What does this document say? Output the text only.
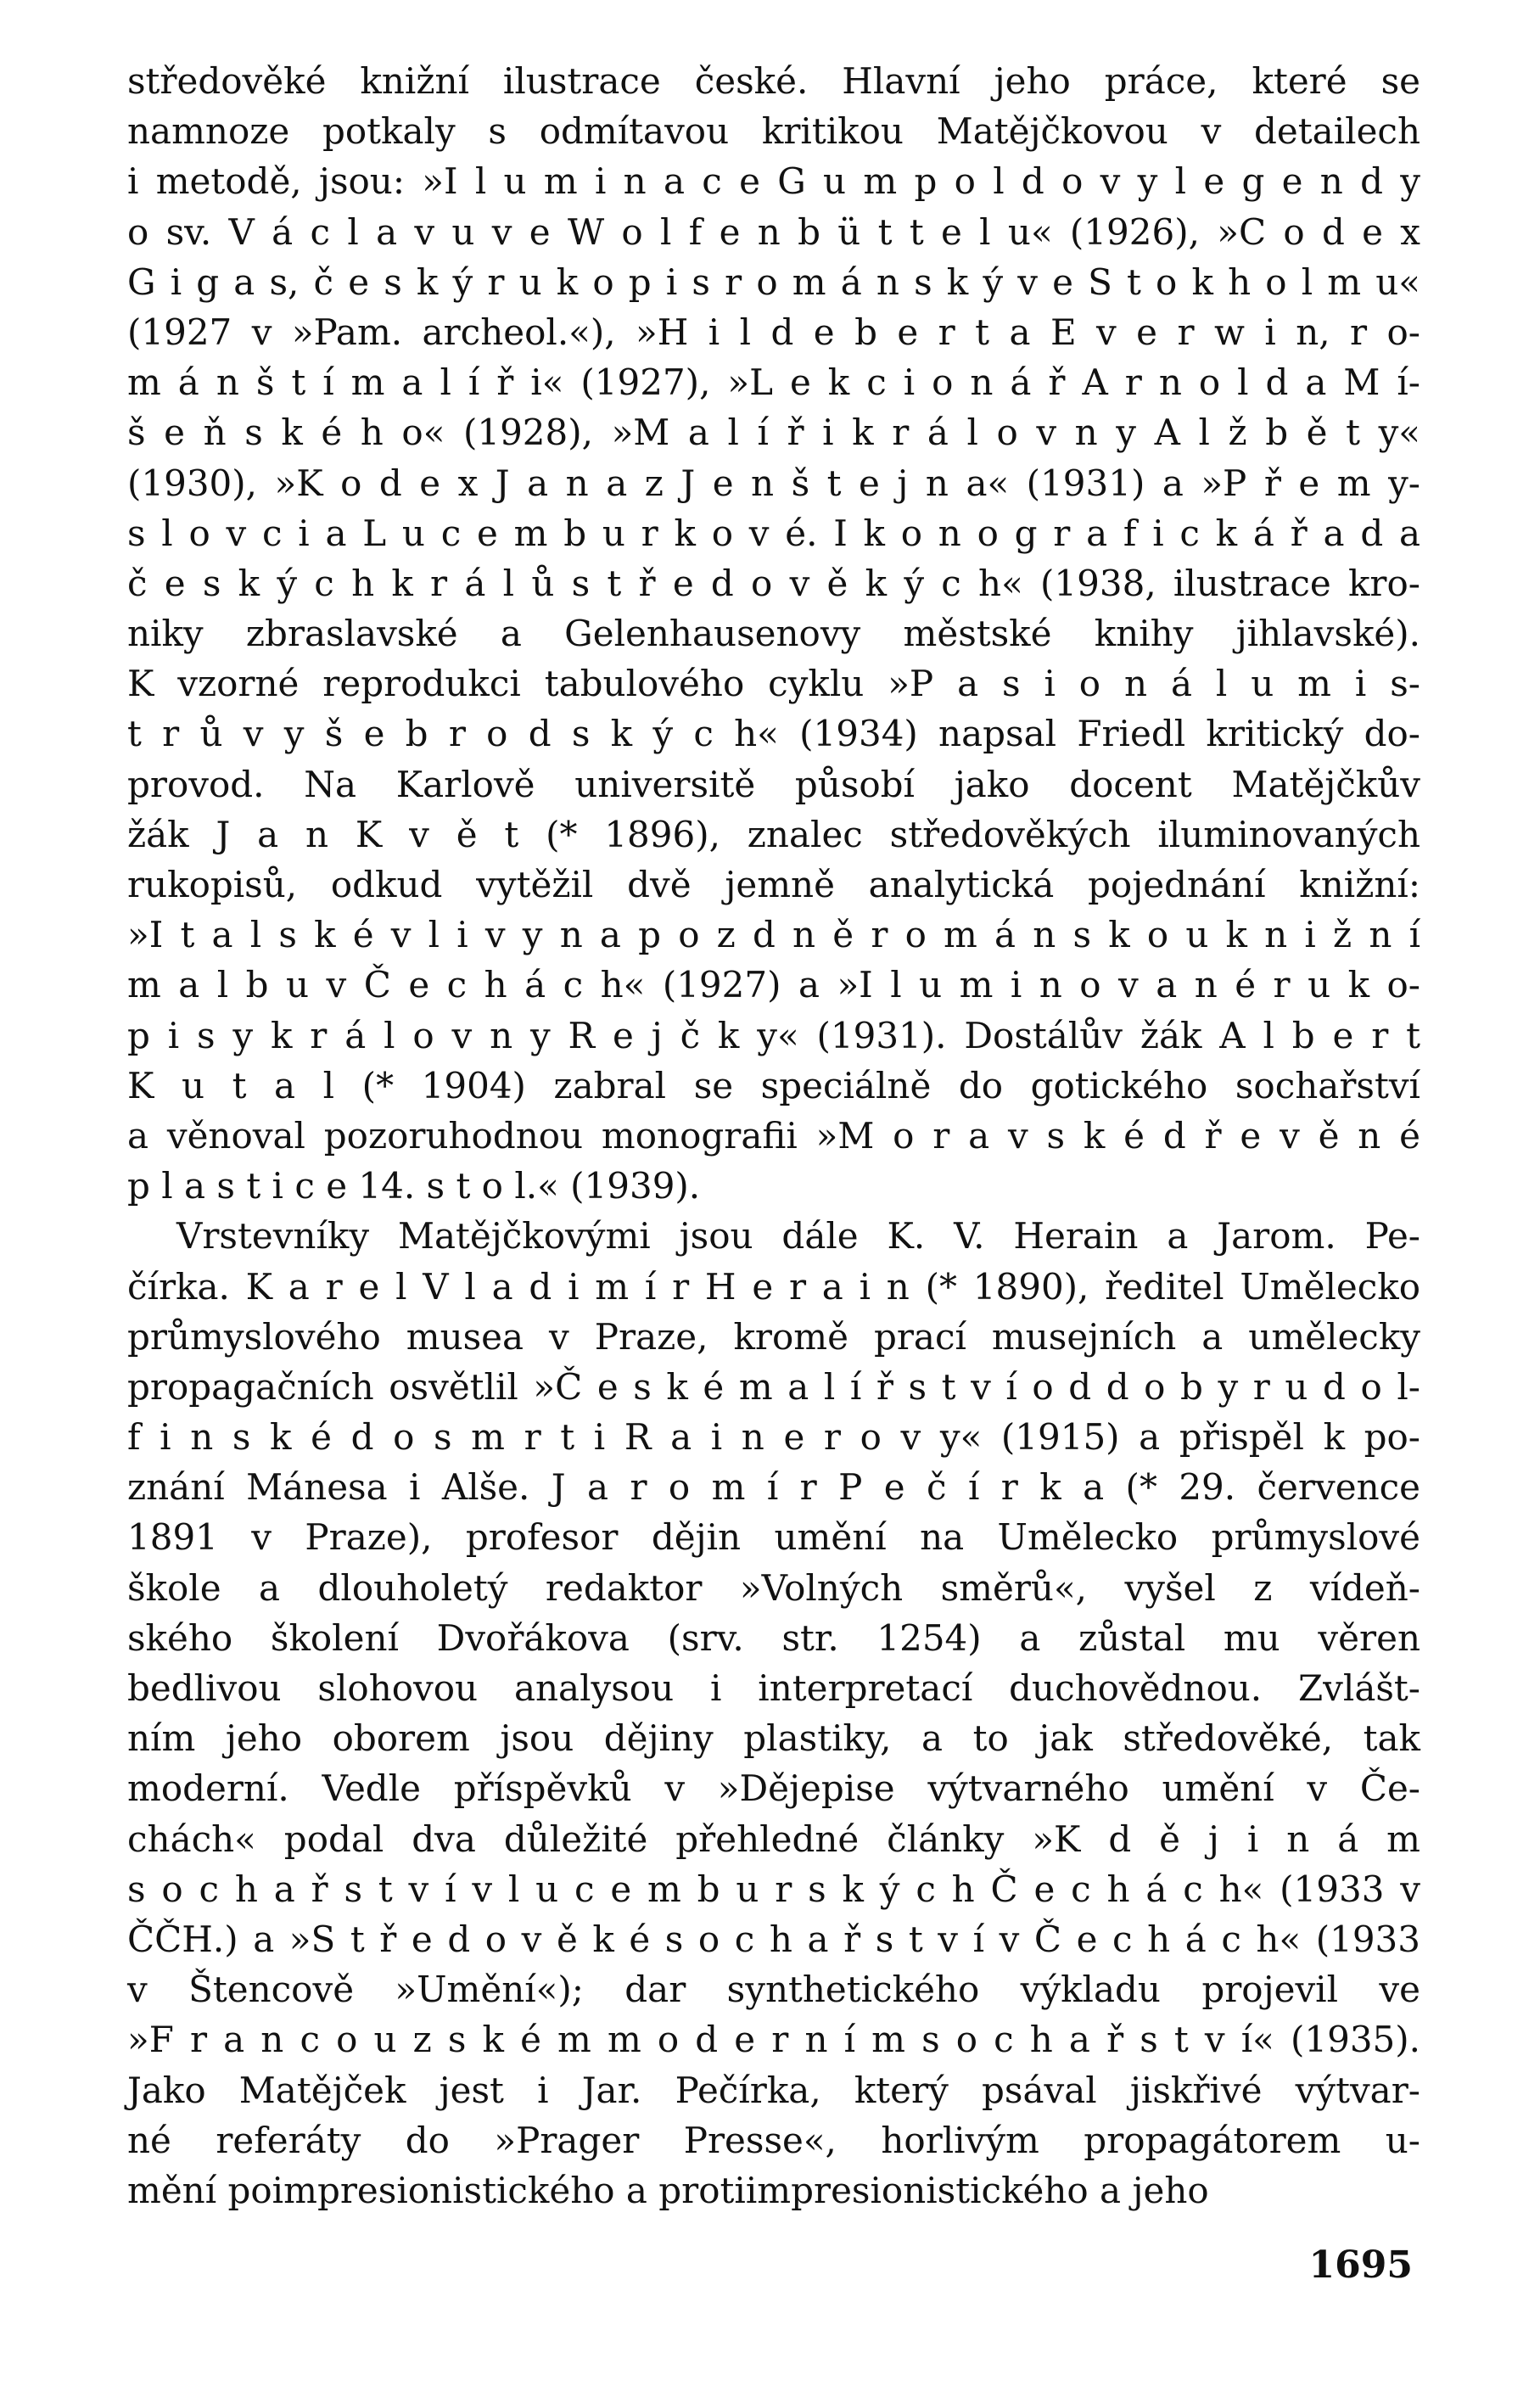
středověké knižní ilustrace české. Hlavní jeho práce, které se
namnoze potkaly s odmítavou kritikou Matějčkovou v detailech
i metodě, jsou: »I l u m i n a c e G u m p o l d o v y l e g e n d y
o sv. V á c l a v u v e W o l f e n b ü t t e l u« (1926), »C o d e x
G i g a s, č e s k ý r u k o p i s r o m á n s k ý v e S t o k h o l m u«
(1927 v »Pam. archeol.«), »H i l d e b e r t a E v e r w i n, r o-
m á n š t í m a l í ř i« (1927), »L e k c i o n á ř A r n o l d a M í-
š e ň s k é h o« (1928), »M a l í ř i k r á l o v n y A l ž b ě t y«
(1930), »K o d e x J a n a z J e n š t e j n a« (1931) a »P ř e m y-
s l o v c i a L u c e m b u r k o v é. I k o n o g r a f i c k á ř a d a
č e s k ý c h k r á l ů s t ř e d o v ě k ý c h« (1938, ilustrace kro-
niky zbraslavské a Gelenhausenovy městské knihy jihlavské).
K vzorné reprodukci tabulového cyklu »P a s i o n á l u m i s-
t r ů v y š e b r o d s k ý c h« (1934) napsal Friedl kritický do-
provod. Na Karlově universitě působí jako docent Matějčkův
žák J a n K v ě t (* 1896), znalec středověkých iluminovaných
rukopisů, odkud vytěžil dvě jemně analytická pojednání knižní:
»I t a l s k é v l i v y n a p o z d n ě r o m á n s k o u k n i ž n í
m a l b u v Č e c h á c h« (1927) a »I l u m i n o v a n é r u k o-
p i s y k r á l o v n y R e j č k y« (1931). Dostálův žák A l b e r t
K u t a l (* 1904) zabral se speciálně do gotického sochařství
a věnoval pozoruhodnou monografii »M o r a v s k é d ř e v ě n é
p l a s t i c e 14. s t o l.« (1939).
Vrstevníky Matějčkovými jsou dále K. V. Herain a Jarom. Pe-
čírka. K a r e l V l a d i m í r H e r a i n (* 1890), ředitel Umělecko
průmyslového musea v Praze, kromě prací musejních a umělecky
propagačních osvětlil »Č e s k é m a l í ř s t v í o d d o b y r u d o l-
f i n s k é d o s m r t i R a i n e r o v y« (1915) a přispěl k po-
znání Mánesa i Alše. J a r o m í r P e č í r k a (* 29. července
1891 v Praze), profesor dějin umění na Umělecko průmyslové
škole a dlouholetý redaktor »Volných směrů«, vyšel z vídeň-
ského školení Dvořákova (srv. str. 1254) a zůstal mu věren
bedlivou slohovou analysou i interpretací duchovědnou. Zvlášt-
ním jeho oborem jsou dějiny plastiky, a to jak středověké, tak
moderní. Vedle příspěvků v »Dějepise výtvarného umění v Če-
chách« podal dva důležité přehledné články »K d ě j i n á m
s o c h a ř s t v í v l u c e m b u r s k ý c h Č e c h á c h« (1933 v
ČČH.) a »S t ř e d o v ě k é s o c h a ř s t v í v Č e c h á c h« (1933
v Štencově »Umění«); dar synthetického výkladu projevil ve
»F r a n c o u z s k é m m o d e r n í m s o c h a ř s t v í« (1935).
Jako Matějček jest i Jar. Pečírka, který psával jiskřivé výtvar-
né referáty do »Prager Presse«, horlivým propagátorem u-
mění poimpresionistického a protiimpresionistického a jeho
1695
